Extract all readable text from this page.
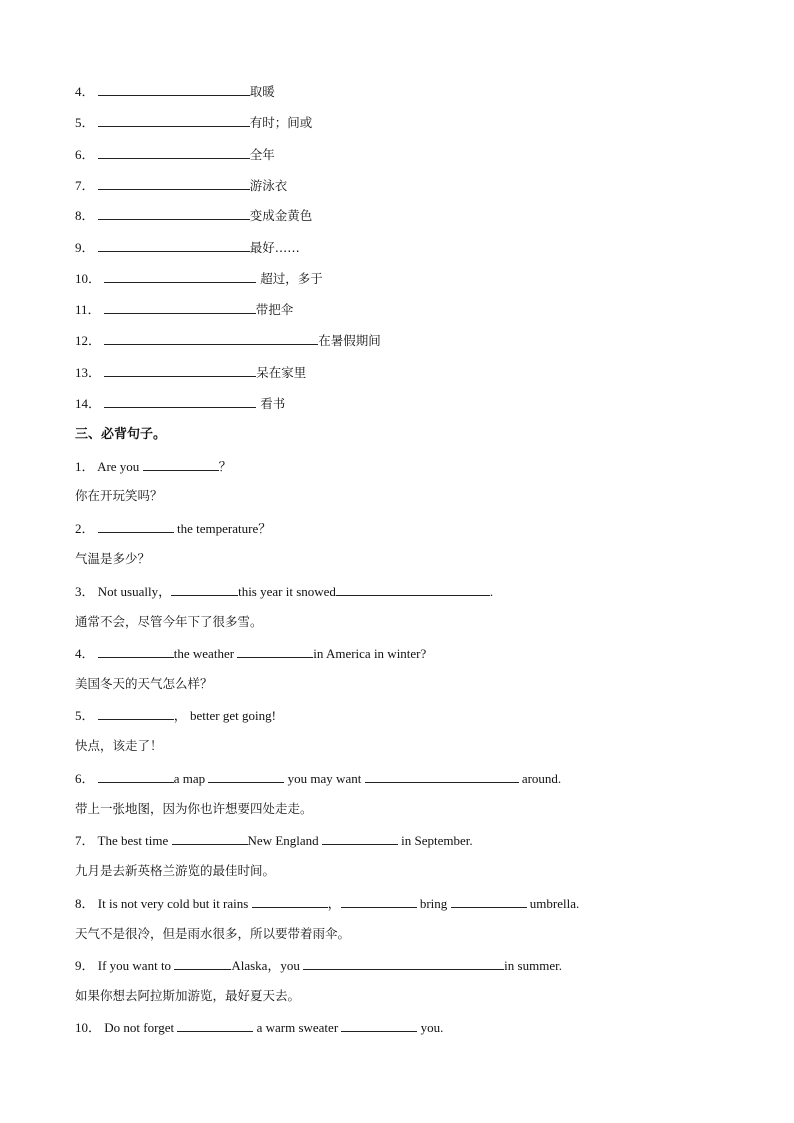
4．	取暖
5．	有时；间或
6．	全年
7．	游泳衣
8．	变成金黄色
9．	最好……
10．	超过，多于
11．	带把伞
12．	在暑假期间
13．	呆在家里
14．	看书
三、必背句子。
1． Are you	？
你在开玩笑吗？
2．	the temperature？
气温是多少？
3． Not usually，	this year it snowed	.
通常不会，尽管今年下了很多雪。
4．	the weather	in America in winter?
美国冬天的天气怎么样？
5．	， better get going!
快点，该走了！
6．	a map	you may want	around.
带上一张地图，因为你也许想要四处走走。
7． The best time	New England	in September.
九月是去新英格兰游览的最佳时间。
8． It is not very cold but it rains	，	bring	umbrella.
天气不是很冷，但是雨水很多，所以要带着雨伞。
9． If you want to	Alaska，you	in summer.
如果你想去阿拉斯加游览，最好夏天去。
10． Do not forget	a warm sweater	you.
